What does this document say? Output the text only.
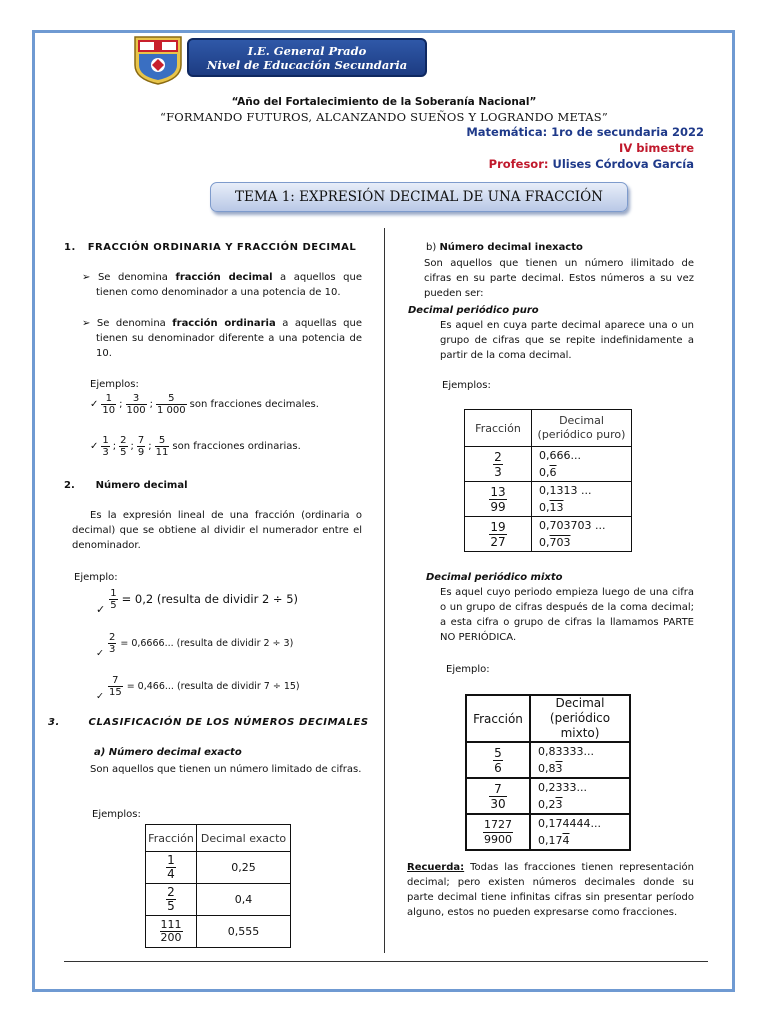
I.E. General Prado
Nivel de Educación Secundaria
“Año del Fortalecimiento de la Soberanía Nacional”
“FORMANDO FUTUROS, ALCANZANDO SUEÑOS Y LOGRANDO METAS”
Matemática: 1ro de secundaria 2022
IV bimestre
Profesor: Ulises Córdova García
TEMA 1: EXPRESIÓN DECIMAL DE UNA FRACCIÓN
1. FRACCIÓN ORDINARIA Y FRACCIÓN DECIMAL
➢ Se denomina fracción decimal a aquellos que tienen como denominador a una potencia de 10.
➢ Se denomina fracción ordinaria a aquellas que tienen su denominador diferente a una potencia de 10.
Ejemplos:
✓ $\frac{1}{10}$ ; $\frac{3}{100}$ ; $\frac{5}{1 000}$ son fracciones decimales.
✓ $\frac{1}{3}$ ; $\frac{2}{5}$ ; $\frac{7}{9}$ ; $\frac{5}{11}$ son fracciones ordinarias.
2. Número decimal
Es la expresión lineal de una fracción (ordinaria o decimal) que se obtiene al dividir el numerador entre el denominador.
Ejemplo:
✓ $\frac{1}{5} = 0,2$ (resulta de dividir 2 ÷ 5)
✓ $\frac{2}{3} = 0,6666$... (resulta de dividir 2 ÷ 3)
✓ $\frac{7}{15} = 0,466$... (resulta de dividir 7 ÷ 15)
3.	CLASIFICACIÓN DE LOS NÚMEROS DECIMALES
a) Número decimal exacto
Son aquellos que tienen un número limitado de cifras.
Ejemplos:
Fracción	Decimal exacto

$\frac{1}{4}$	0,25

$\frac{2}{5}$	0,4

$\frac{111}{200}$	0,555
b) Número decimal inexacto
Son aquellos que tienen un número ilimitado de cifras en su parte decimal. Estos números a su vez pueden ser:
Decimal periódico puro
Es aquel en cuya parte decimal aparece una o un grupo de cifras que se repite indefinidamente a partir de la coma decimal.
Ejemplos:
Fracción	Decimal
(periódico puro)

$\frac{2}{3}$	0,666...
0,6

$\frac{13}{99}$	0,1313 ...
0,13

$\frac{19}{27}$	0,703703 ...
0,703
Decimal periódico mixto
Es aquel cuyo periodo empieza luego de una cifra o un grupo de cifras después de la coma decimal; a esta cifra o grupo de cifras la llamamos PARTE NO PERIÓDICA.
Ejemplo:
Fracción	Decimal
(periódico mixto)

$\frac{5}{6}$	0,83333...
0,83

$\frac{7}{30}$	0,2333...
0,23

$\frac{1727}{9900}$	0,174444...
0,174
Recuerda: Todas las fracciones tienen representación decimal; pero existen números decimales donde su parte decimal tiene infinitas cifras sin presentar período alguno, estos no pueden expresarse como fracciones.
